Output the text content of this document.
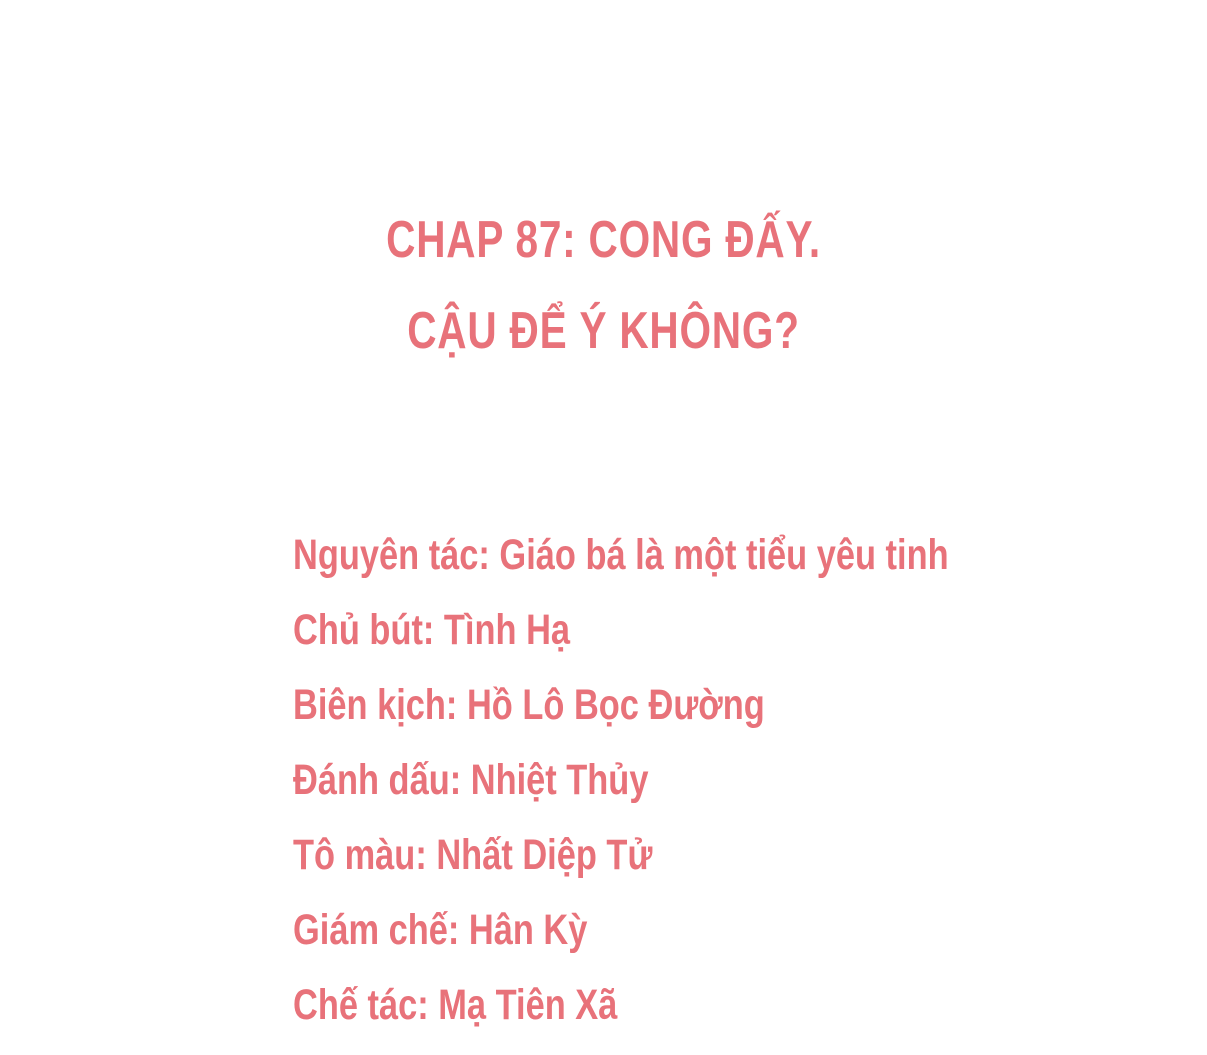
CHAP 87: CONG ĐẤY.
CẬU ĐỂ Ý KHÔNG?
Nguyên tác: Giáo bá là một tiểu yêu tinh
Chủ bút: Tình Hạ
Biên kịch: Hồ Lô Bọc Đường
Đánh dấu: Nhiệt Thủy
Tô màu: Nhất Diệp Tử
Giám chế: Hân Kỳ
Chế tác: Mạ Tiên Xã
